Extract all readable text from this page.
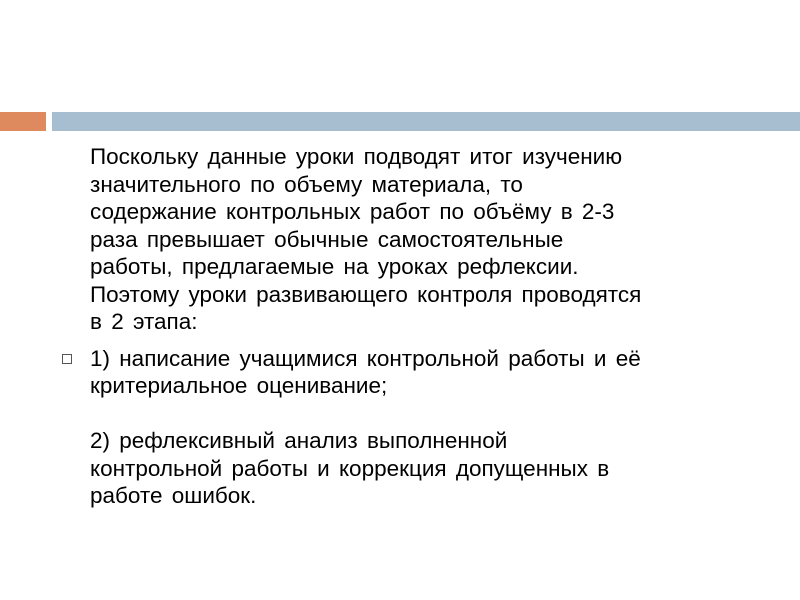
Поскольку данные уроки подводят итог изучению
значительного по объему материала, то
содержание контрольных работ по объёму в 2-3
раза превышает обычные самостоятельные
работы, предлагаемые на уроках рефлексии.
Поэтому уроки развивающего контроля проводятся
в 2 этапа:

1) написание учащимися контрольной работы и её
критериальное оценивание;
2) рефлексивный анализ выполненной
контрольной работы и коррекция допущенных в
работе ошибок.
